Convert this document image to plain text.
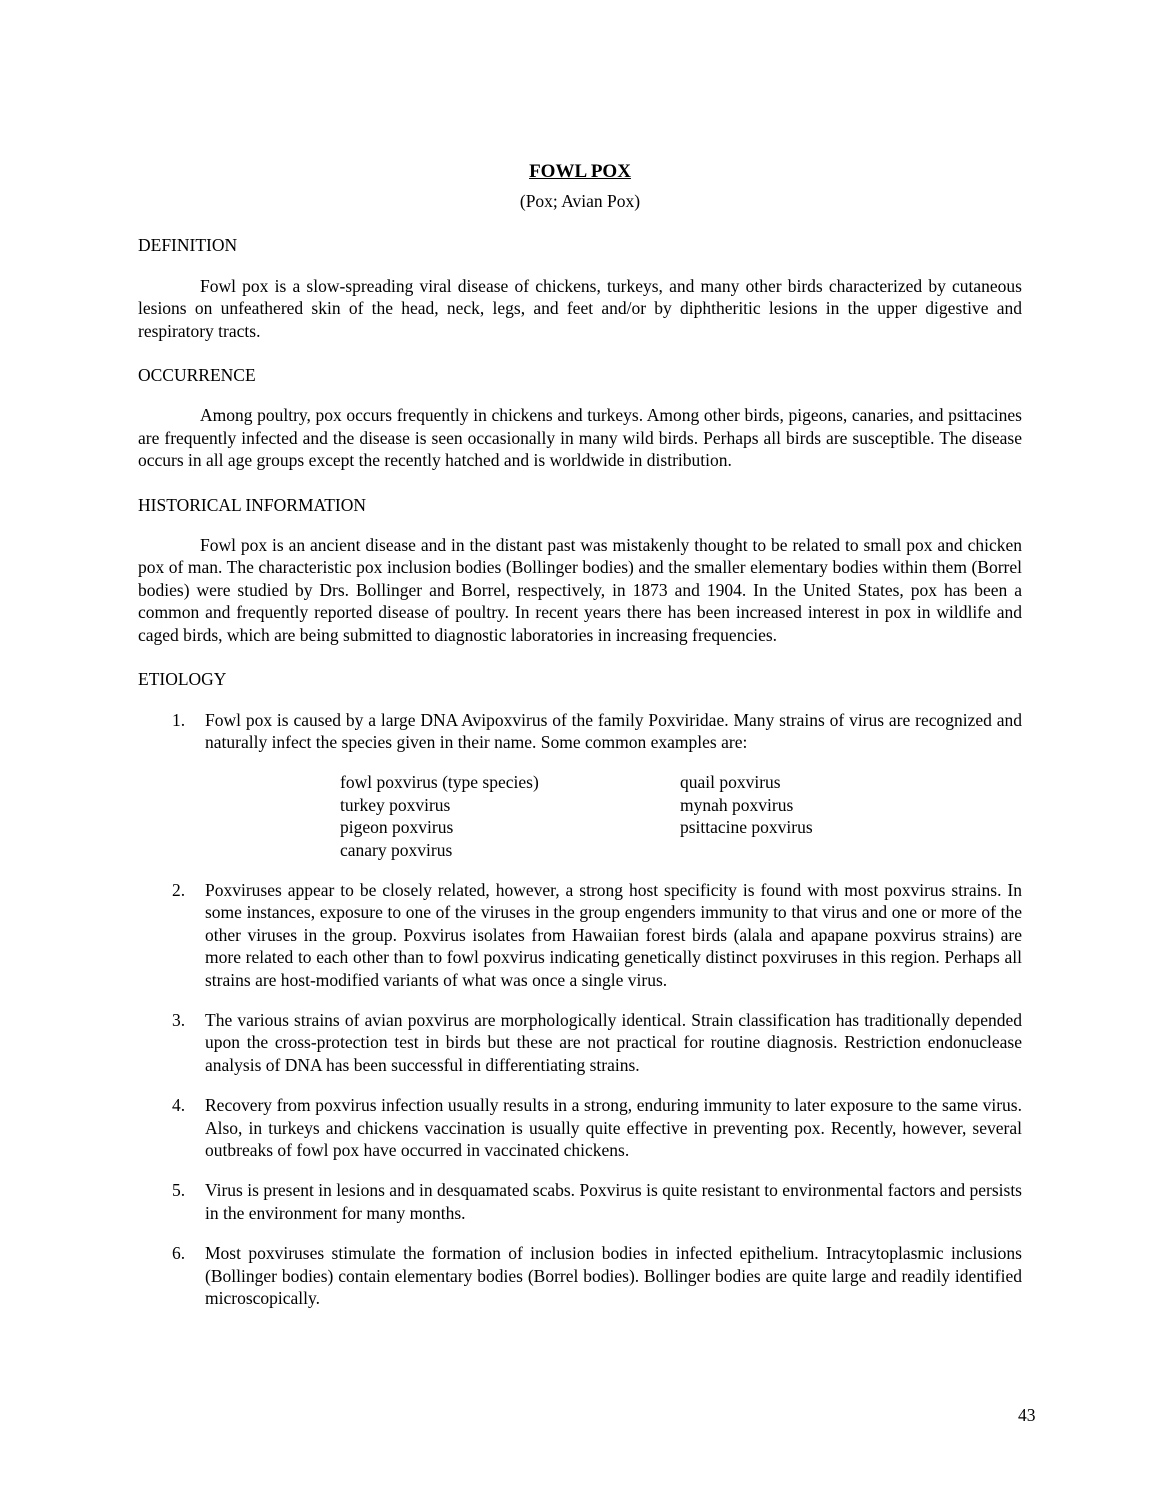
FOWL POX
(Pox; Avian Pox)
DEFINITION

Fowl pox is a slow-spreading viral disease of chickens, turkeys, and many other birds characterized by cutaneous lesions on unfeathered skin of the head, neck, legs, and feet and/or by diphtheritic lesions in the upper digestive and respiratory tracts.

OCCURRENCE

Among poultry, pox occurs frequently in chickens and turkeys. Among other birds, pigeons, canaries, and psittacines are frequently infected and the disease is seen occasionally in many wild birds. Perhaps all birds are susceptible. The disease occurs in all age groups except the recently hatched and is worldwide in distribution.

HISTORICAL INFORMATION

Fowl pox is an ancient disease and in the distant past was mistakenly thought to be related to small pox and chicken pox of man. The characteristic pox inclusion bodies (Bollinger bodies) and the smaller elementary bodies within them (Borrel bodies) were studied by Drs. Bollinger and Borrel, respectively, in 1873 and 1904. In the United States, pox has been a common and frequently reported disease of poultry. In recent years there has been increased interest in pox in wildlife and caged birds, which are being submitted to diagnostic laboratories in increasing frequencies.

ETIOLOGY
1. Fowl pox is caused by a large DNA Avipoxvirus of the family Poxviridae. Many strains of virus are recognized and naturally infect the species given in their name. Some common examples are:
fowl poxvirus (type species)
turkey poxvirus
pigeon poxvirus
canary poxvirus
quail poxvirus
mynah poxvirus
psittacine poxvirus
2. Poxviruses appear to be closely related, however, a strong host specificity is found with most poxvirus strains. In some instances, exposure to one of the viruses in the group engenders immunity to that virus and one or more of the other viruses in the group. Poxvirus isolates from Hawaiian forest birds (alala and apapane poxvirus strains) are more related to each other than to fowl poxvirus indicating genetically distinct poxviruses in this region. Perhaps all strains are host-modified variants of what was once a single virus.
3. The various strains of avian poxvirus are morphologically identical. Strain classification has traditionally depended upon the cross-protection test in birds but these are not practical for routine diagnosis. Restriction endonuclease analysis of DNA has been successful in differentiating strains.
4. Recovery from poxvirus infection usually results in a strong, enduring immunity to later exposure to the same virus. Also, in turkeys and chickens vaccination is usually quite effective in preventing pox. Recently, however, several outbreaks of fowl pox have occurred in vaccinated chickens.
5. Virus is present in lesions and in desquamated scabs. Poxvirus is quite resistant to environmental factors and persists in the environment for many months.
6. Most poxviruses stimulate the formation of inclusion bodies in infected epithelium. Intracytoplasmic inclusions (Bollinger bodies) contain elementary bodies (Borrel bodies). Bollinger bodies are quite large and readily identified microscopically.
43
